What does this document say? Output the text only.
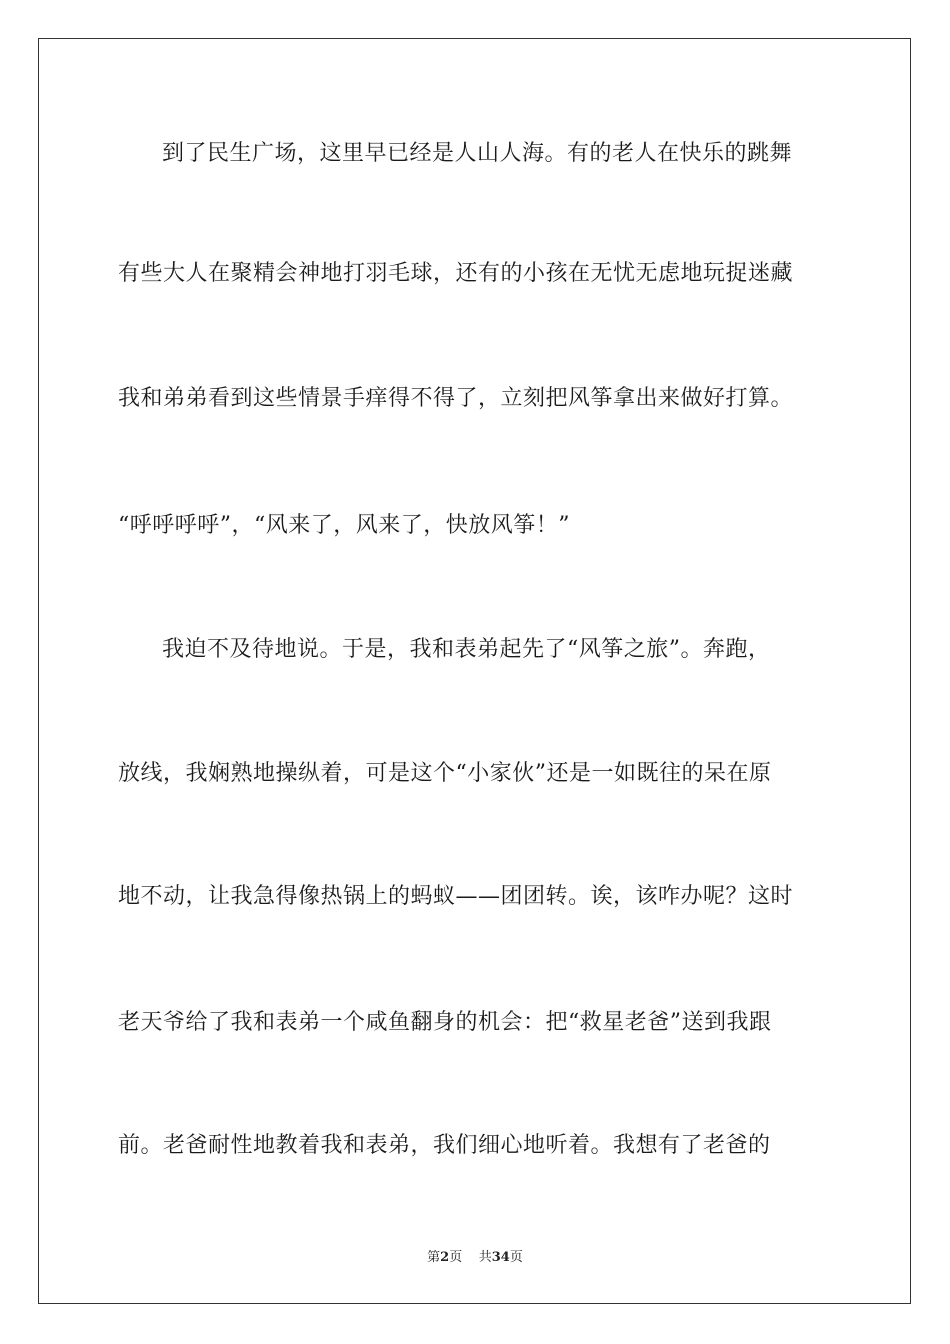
到了民生广场，这里早已经是人山人海。有的老人在快乐的跳舞
有些大人在聚精会神地打羽毛球，还有的小孩在无忧无虑地玩捉迷藏
我和弟弟看到这些情景手痒得不得了，立刻把风筝拿出来做好打算。
“呼呼呼呼”，“风来了，风来了，快放风筝！”
我迫不及待地说。于是，我和表弟起先了“风筝之旅”。奔跑，
放线，我娴熟地操纵着，可是这个“小家伙”还是一如既往的呆在原
地不动，让我急得像热锅上的蚂蚁——团团转。诶，该咋办呢？这时
老天爷给了我和表弟一个咸鱼翻身的机会：把“救星老爸”送到我跟
前。老爸耐性地教着我和表弟，我们细心地听着。我想有了老爸的
第2页 共34页
